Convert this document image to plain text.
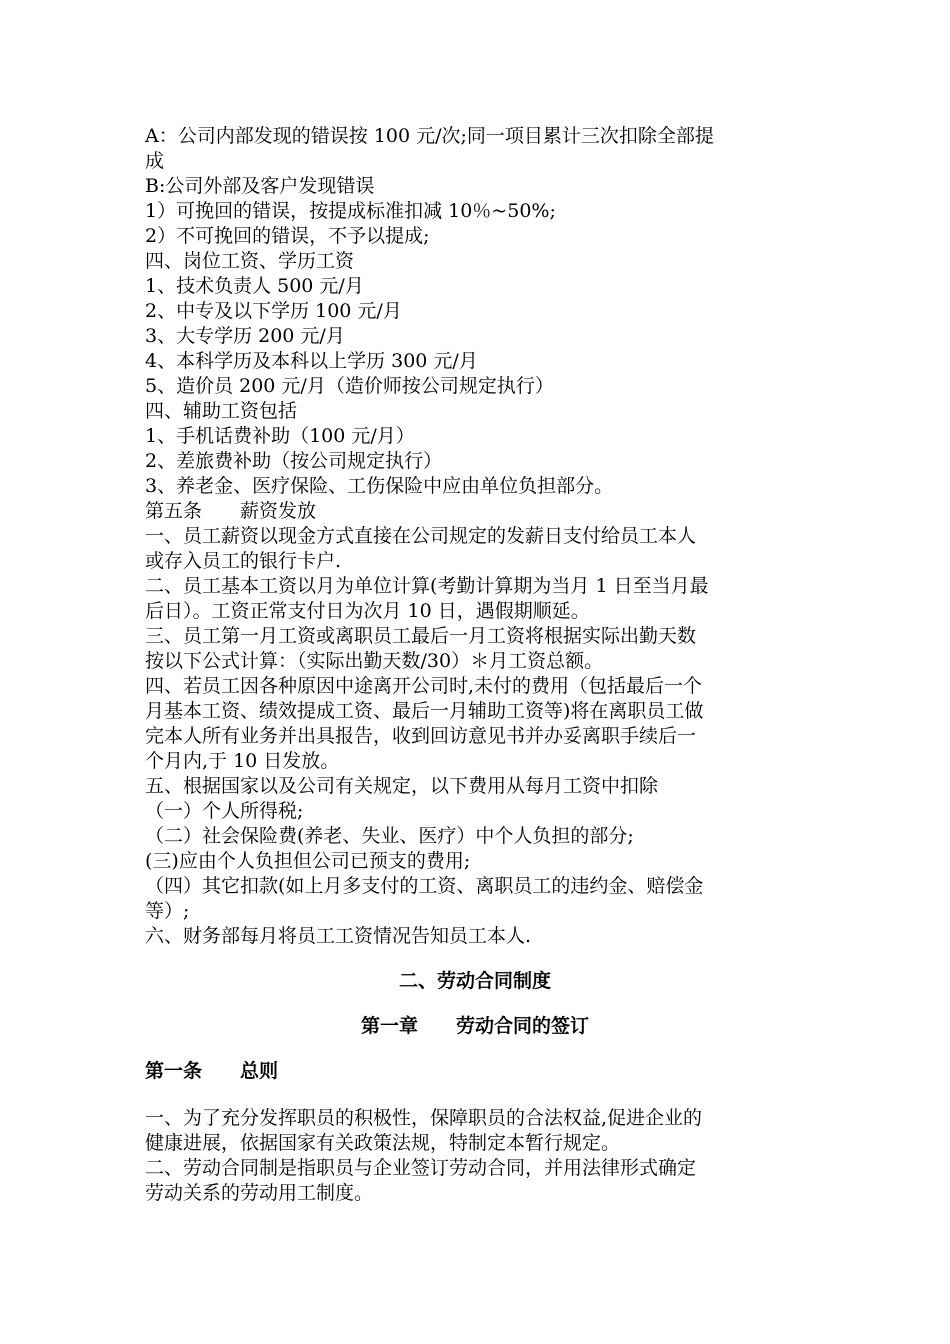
A：公司内部发现的错误按 100 元/次;同一项目累计三次扣除全部提
成
B:公司外部及客户发现错误
1）可挽回的错误，按提成标准扣减 10％~50%;
2）不可挽回的错误，不予以提成;
四、岗位工资、学历工资
1、技术负责人 500 元/月
2、中专及以下学历 100 元/月
3、大专学历 200 元/月
4、本科学历及本科以上学历 300 元/月
5、造价员 200 元/月（造价师按公司规定执行）
四、辅助工资包括
1、手机话费补助（100 元/月）
2、差旅费补助（按公司规定执行）
3、养老金、医疗保险、工伤保险中应由单位负担部分。
第五条　　薪资发放
一、员工薪资以现金方式直接在公司规定的发薪日支付给员工本人
或存入员工的银行卡户.
二、员工基本工资以月为单位计算(考勤计算期为当月 1 日至当月最
后日）。工资正常支付日为次月 10 日，遇假期顺延。
三、员工第一月工资或离职员工最后一月工资将根据实际出勤天数
按以下公式计算：（实际出勤天数/30）＊月工资总额。
四、若员工因各种原因中途离开公司时,未付的费用（包括最后一个
月基本工资、绩效提成工资、最后一月辅助工资等)将在离职员工做
完本人所有业务并出具报告，收到回访意见书并办妥离职手续后一
个月内,于 10 日发放。
五、根据国家以及公司有关规定，以下费用从每月工资中扣除
（一）个人所得税;
（二）社会保险费(养老、失业、医疗）中个人负担的部分;
(三)应由个人负担但公司已预支的费用;
（四）其它扣款(如上月多支付的工资、离职员工的违约金、赔偿金
等）;
六、财务部每月将员工工资情况告知员工本人.
二、劳动合同制度
第一章　　劳动合同的签订
第一条　　总则
一、为了充分发挥职员的积极性，保障职员的合法权益,促进企业的
健康进展，依据国家有关政策法规，特制定本暂行规定。
二、劳动合同制是指职员与企业签订劳动合同，并用法律形式确定
劳动关系的劳动用工制度。
